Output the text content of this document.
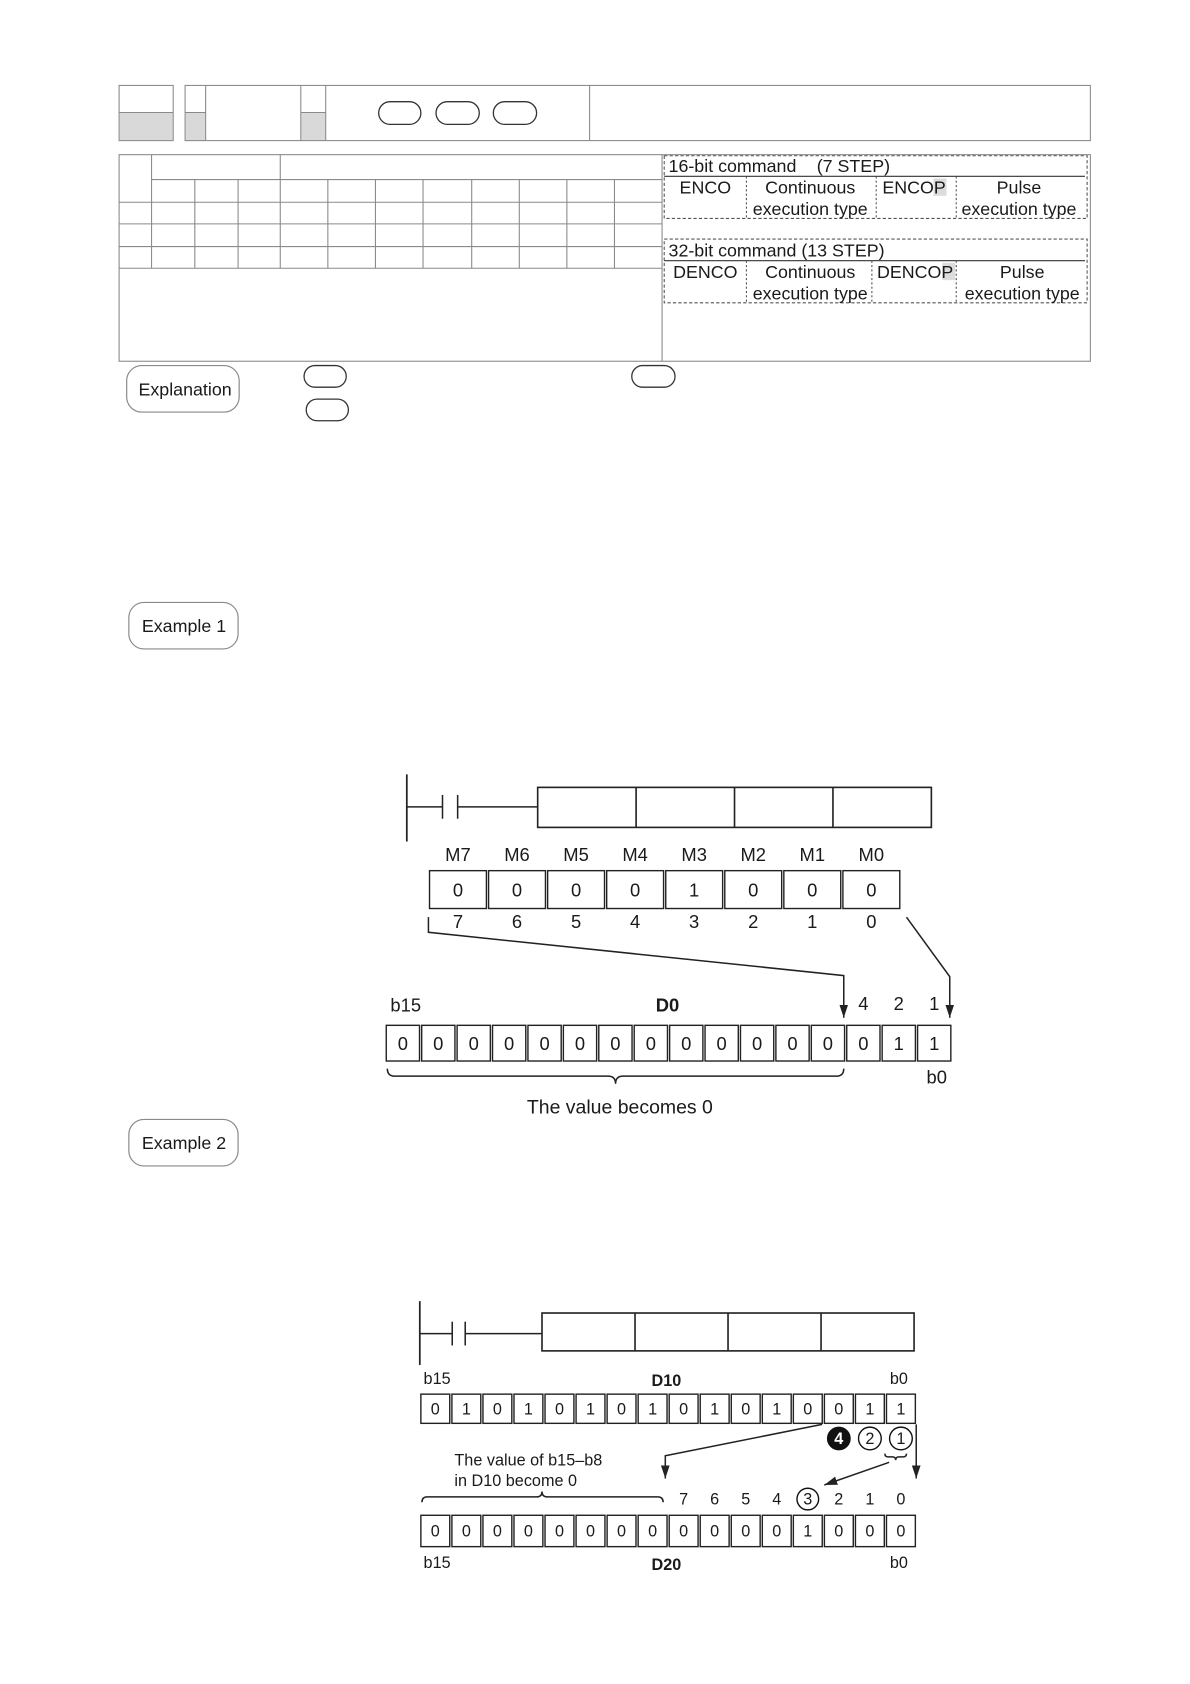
16-bit command (7 STEP)
ENCO Continuous
execution type
ENCOP	Pulse
execution type
32-bit command (13 STEP)
DENCO Continuous
execution type
DENCOP	Pulse
execution type
Explanation
Example 1
M7 M6 M5 M4 M3 M2 M1 M0
0	0	0	0	1	0	0	0
7	6	5	4	3	2	1	0
b15	D0	4 2 1
0 0 0 0 0 0 0 0 0 0 0 0 0 0 1 1
b0
The value becomes 0
Example 2
b15	D10	b0
0 1 0 1 0 1 0 1 0 1 0 1 0 0 1 1
4 2 1
The value of b15–b8
in D10 become 0
7 6 5 4 3 2 1 0
0 0 0 0 0 0 0 0 0 0 0 0 1 0 0 0
b15	D20	b0
